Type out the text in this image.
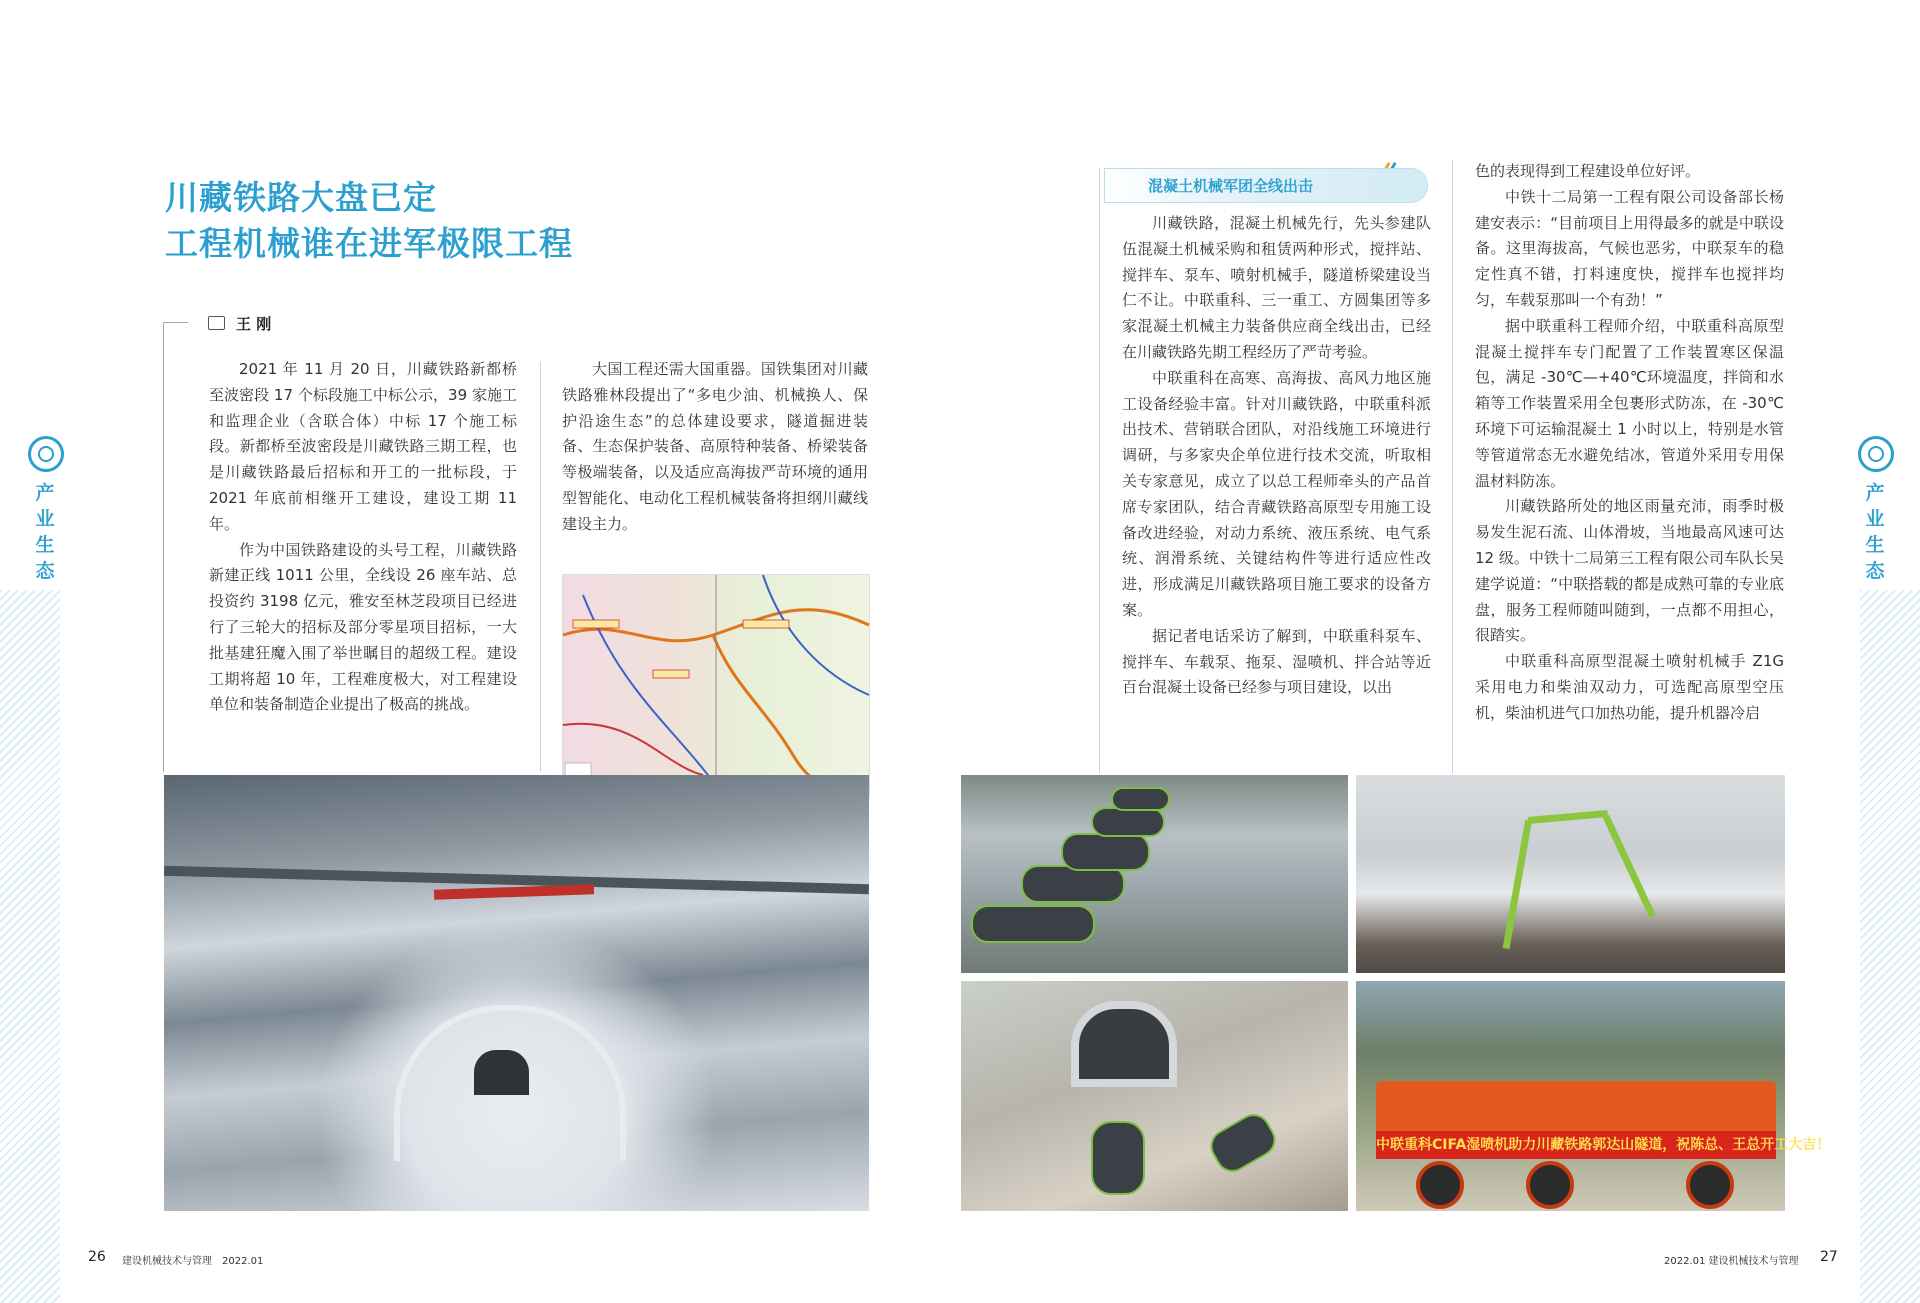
产
业
生
态
产
业
生
态
川藏铁路大盘已定
工程机械谁在进军极限工程
王 刚

2021 年 11 月 20 日，川藏铁路新都桥至波密段 17 个标段施工中标公示，39 家施工和监理企业（含联合体）中标 17 个施工标段。新都桥至波密段是川藏铁路三期工程，也是川藏铁路最后招标和开工的一批标段，于 2021 年底前相继开工建设，建设工期 11 年。

作为中国铁路建设的头号工程，川藏铁路新建正线 1011 公里，全线设 26 座车站、总投资约 3198 亿元，雅安至林芝段项目已经进行了三轮大的招标及部分零星项目招标，一大批基建狂魔入围了举世瞩目的超级工程。建设工期将超 10 年，工程难度极大，对工程建设单位和装备制造企业提出了极高的挑战。

大国工程还需大国重器。国铁集团对川藏铁路雅林段提出了“多电少油、机械换人、保护沿途生态”的总体建设要求，隧道掘进装备、生态保护装备、高原特种装备、桥梁装备等极端装备，以及适应高海拔严苛环境的通用型智能化、电动化工程机械装备将担纲川藏线建设主力。

混凝土机械军团全线出击

川藏铁路，混凝土机械先行，先头参建队伍混凝土机械采购和租赁两种形式，搅拌站、搅拌车、泵车、喷射机械手，隧道桥梁建设当仁不让。中联重科、三一重工、方圆集团等多家混凝土机械主力装备供应商全线出击，已经在川藏铁路先期工程经历了严苛考验。

中联重科在高寒、高海拔、高风力地区施工设备经验丰富。针对川藏铁路，中联重科派出技术、营销联合团队，对沿线施工环境进行调研，与多家央企单位进行技术交流，听取相关专家意见，成立了以总工程师牵头的产品首席专家团队，结合青藏铁路高原型专用施工设备改进经验，对动力系统、液压系统、电气系统、润滑系统、关键结构件等进行适应性改进，形成满足川藏铁路项目施工要求的设备方案。

据记者电话采访了解到，中联重科泵车、搅拌车、车载泵、拖泵、湿喷机、拌合站等近百台混凝土设备已经参与项目建设，以出

色的表现得到工程建设单位好评。

中铁十二局第一工程有限公司设备部长杨建安表示：“目前项目上用得最多的就是中联设备。这里海拔高，气候也恶劣，中联泵车的稳定性真不错，打料速度快，搅拌车也搅拌均匀，车载泵那叫一个有劲！”

据中联重科工程师介绍，中联重科高原型混凝土搅拌车专门配置了工作装置寒区保温包，满足 -30℃—+40℃环境温度，拌筒和水箱等工作装置采用全包裹形式防冻，在 -30℃环境下可运输混凝土 1 小时以上，特别是水管等管道常态无水避免结冰，管道外采用专用保温材料防冻。

川藏铁路所处的地区雨量充沛，雨季时极易发生泥石流、山体滑坡，当地最高风速可达 12 级。中铁十二局第三工程有限公司车队长吴建学说道：“中联搭载的都是成熟可靠的专业底盘，服务工程师随叫随到，一点都不用担心，很踏实。

中联重科高原型混凝土喷射机械手 Z1G 采用电力和柴油双动力，可选配高原型空压机，柴油机进气口加热功能，提升机器冷启

中联重科CIFA湿喷机助力川藏铁路郭达山隧道，祝陈总、王总开工大吉！
26 建设机械技术与管理　2022.01	2022.01 建设机械技术与管理 27
